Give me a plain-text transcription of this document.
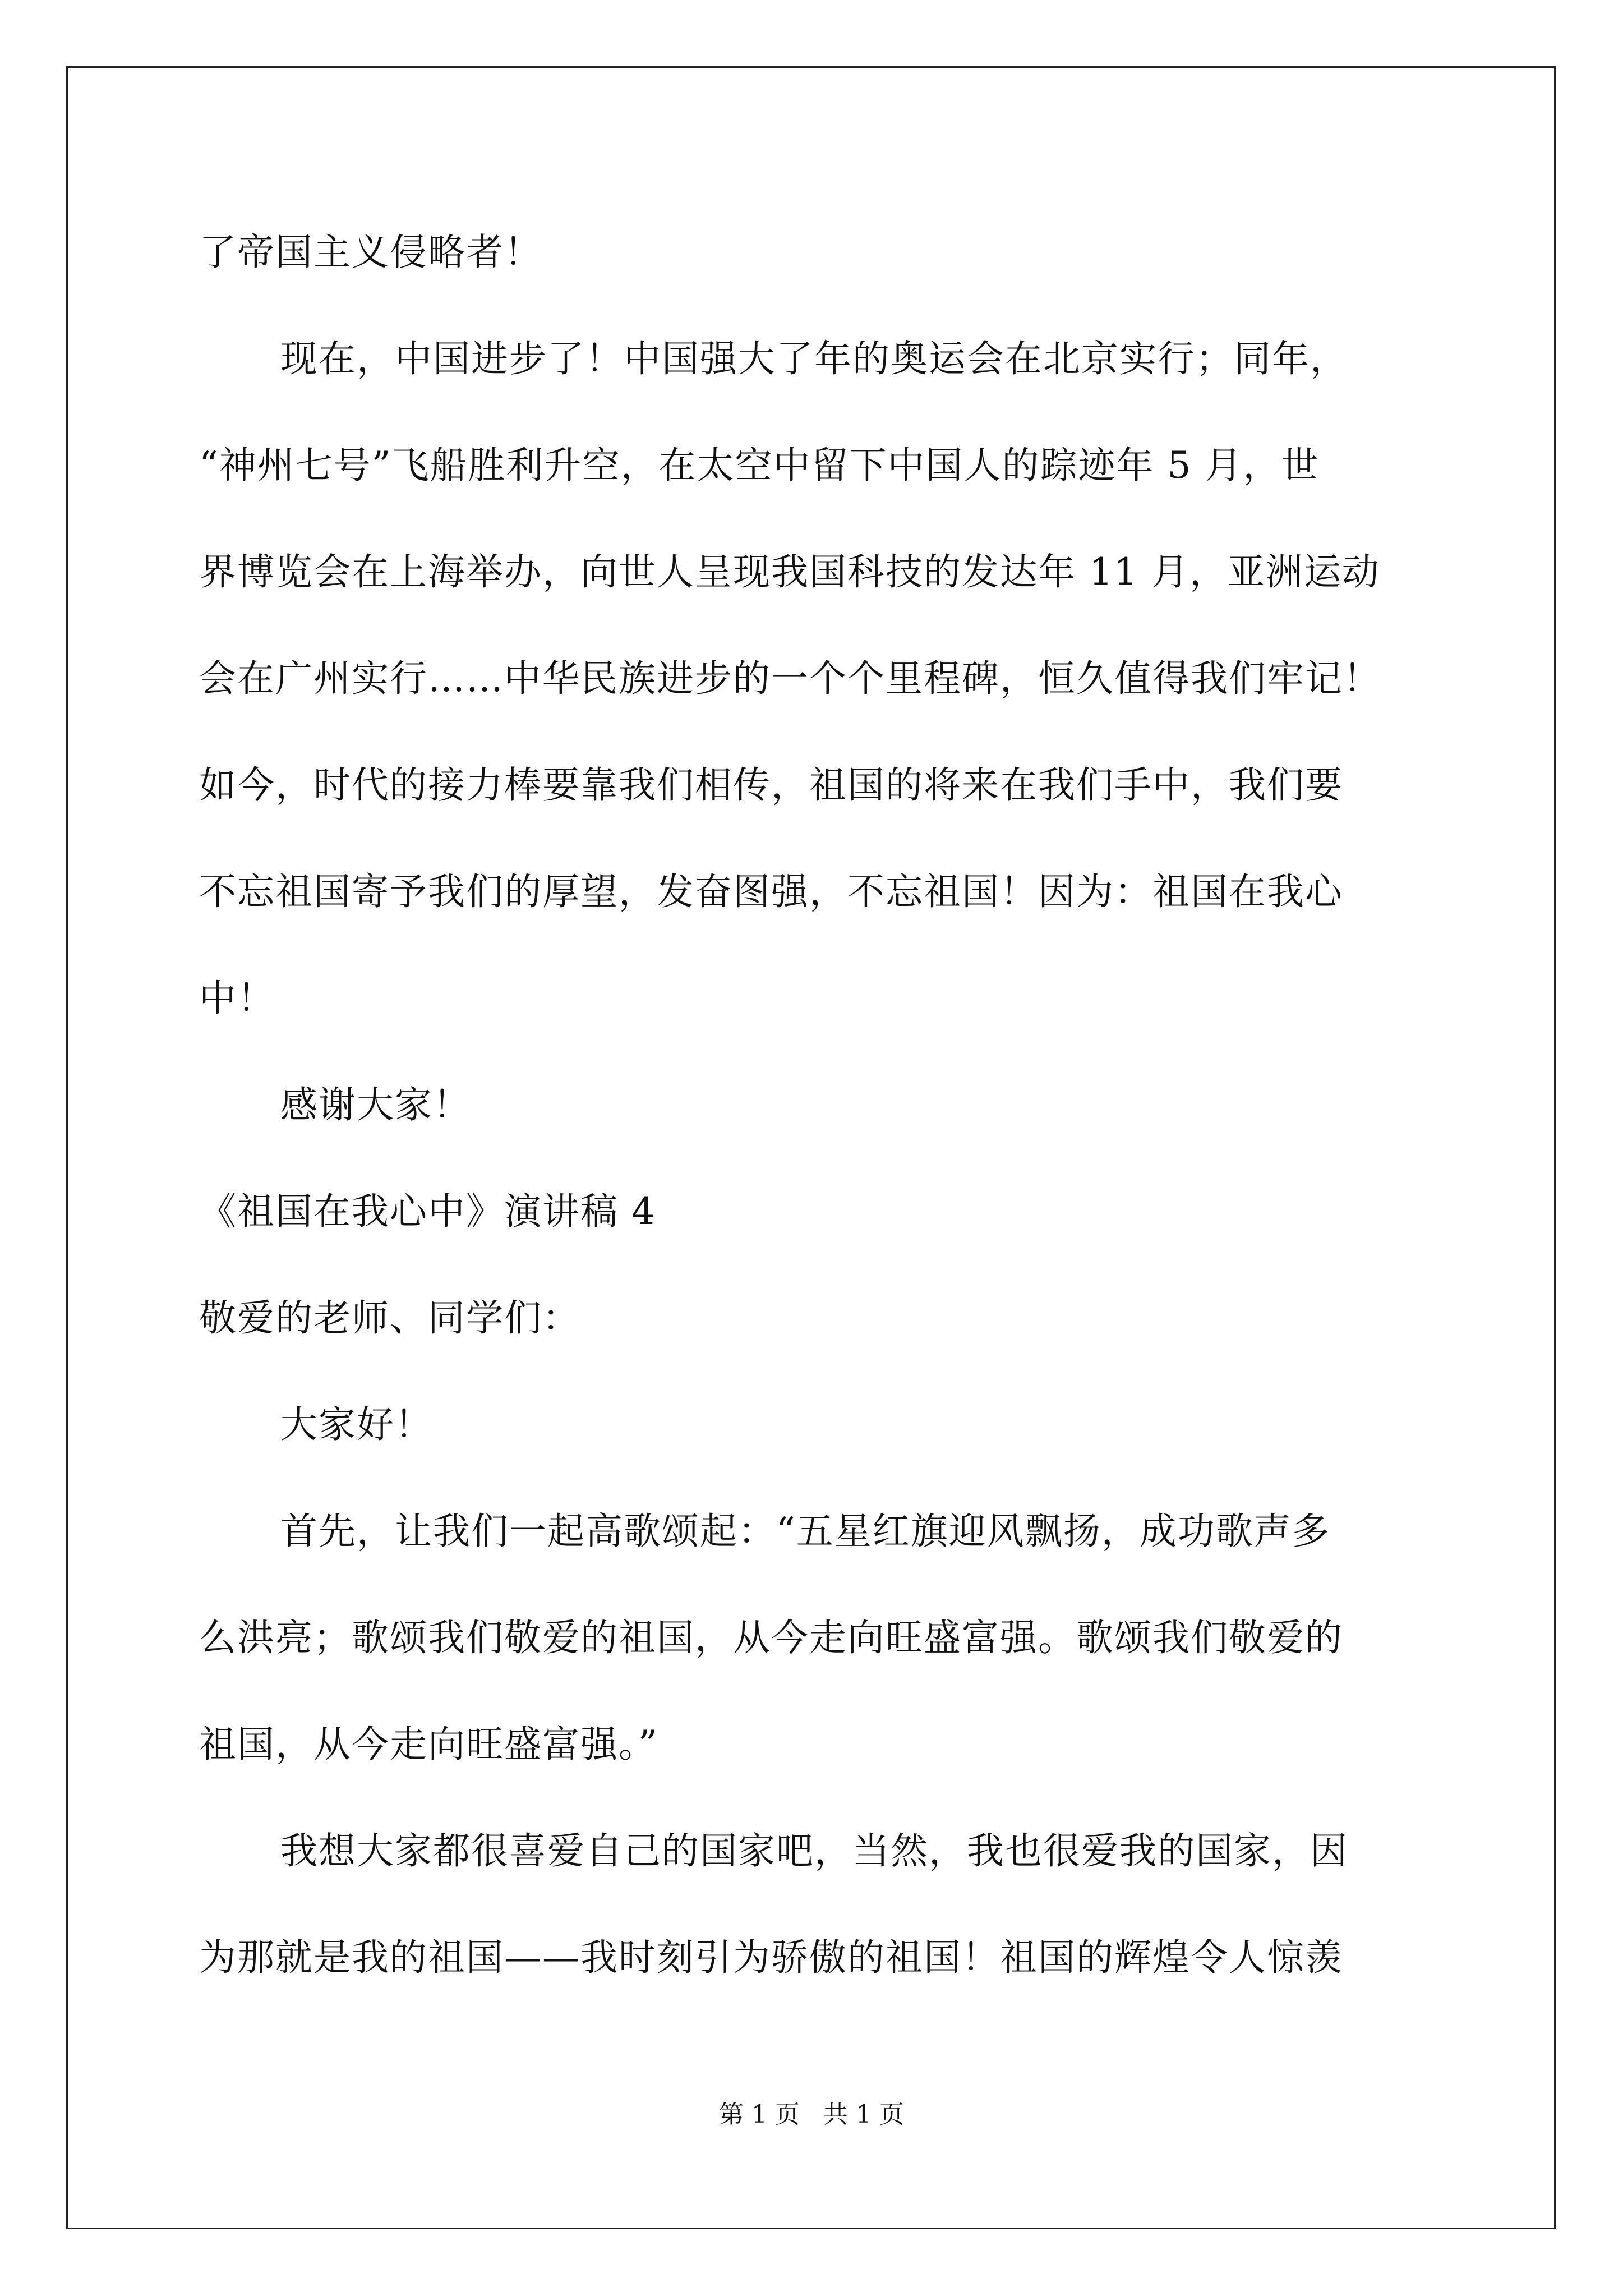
了帝国主义侵略者！
现在，中国进步了！中国强大了年的奥运会在北京实行；同年，
“神州七号”飞船胜利升空，在太空中留下中国人的踪迹年 5 月，世
界博览会在上海举办，向世人呈现我国科技的发达年 11 月，亚洲运动
会在广州实行……中华民族进步的一个个里程碑，恒久值得我们牢记！
如今，时代的接力棒要靠我们相传，祖国的将来在我们手中，我们要
不忘祖国寄予我们的厚望，发奋图强，不忘祖国！因为：祖国在我心
中！
感谢大家！
《祖国在我心中》演讲稿 4
敬爱的老师、同学们：
大家好！
首先，让我们一起高歌颂起：“五星红旗迎风飘扬，成功歌声多
么洪亮；歌颂我们敬爱的祖国，从今走向旺盛富强。歌颂我们敬爱的
祖国，从今走向旺盛富强。”
我想大家都很喜爱自己的国家吧，当然，我也很爱我的国家，因
为那就是我的祖国——我时刻引为骄傲的祖国！祖国的辉煌令人惊羡
第 1 页   共 1 页
